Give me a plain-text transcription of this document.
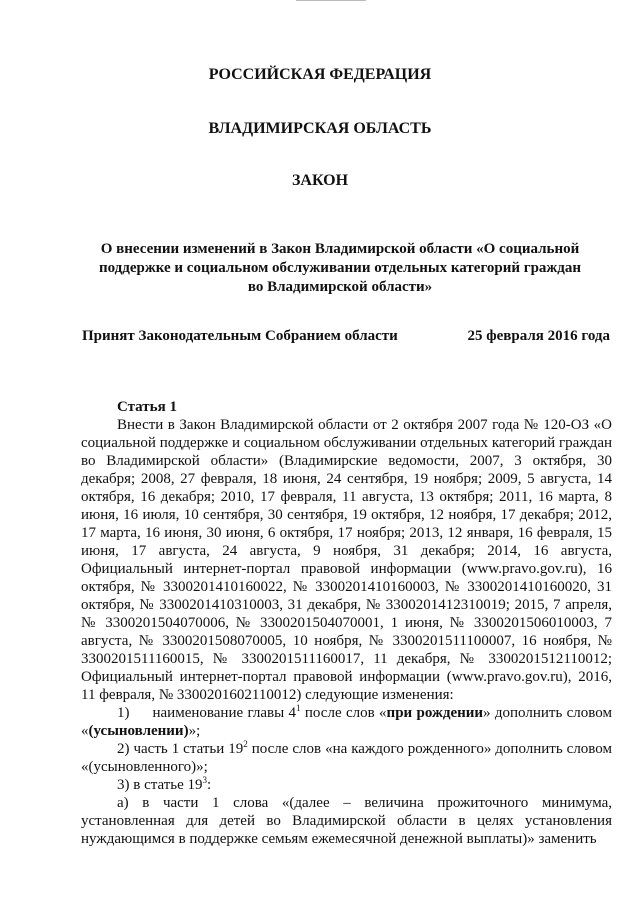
РОССИЙСКАЯ ФЕДЕРАЦИЯ
ВЛАДИМИРСКАЯ ОБЛАСТЬ
ЗАКОН
О внесении изменений в Закон Владимирской области «О социальной
поддержке и социальном обслуживании отдельных категорий граждан
во Владимирской области»
Принят Законодательным Собранием области	25 февраля 2016 года

Статья 1

Внести в Закон Владимирской области от 2 октября 2007 года № 120-ОЗ «О социальной поддержке и социальном обслуживании отдельных категорий граждан во Владимирской области» (Владимирские ведомости, 2007, 3 октября, 30 декабря; 2008, 27 февраля, 18 июня, 24 сентября, 19 ноября; 2009, 5 августа, 14 октября, 16 декабря; 2010, 17 февраля, 11 августа, 13 октября; 2011, 16 марта, 8 июня, 16 июля, 10 сентября, 30 сентября, 19 октября, 12 ноября, 17 декабря; 2012, 17 марта, 16 июня, 30 июня, 6 октября, 17 ноября; 2013, 12 января, 16 февраля, 15 июня, 17 августа, 24 августа, 9 ноября, 31 декабря; 2014, 16 августа, Официальный интернет-портал правовой информации (www.pravo.gov.ru), 16 октября, № 3300201410160022, № 3300201410160003, № 3300201410160020, 31 октября, № 3300201410310003, 31 декабря, № 3300201412310019; 2015, 7 апреля, № 3300201504070006, № 3300201504070001, 1 июня, № 3300201506010003, 7 августа, № 3300201508070005, 10 ноября, № 3300201511100007, 16 ноября, № 3300201511160015, № 3300201511160017, 11 декабря, № 3300201512110012; Официальный интернет-портал правовой информации (www.pravo.gov.ru), 2016, 11 февраля, № 3300201602110012) следующие изменения:

1) наименование главы $4^1$ после слов «при рождении» дополнить словом «(усыновлении)»;

2) часть 1 статьи $19^2$ после слов «на каждого рожденного» дополнить словом «(усыновленного)»;

3) в статье $19^3$:

а) в части 1 слова «(далее – величина прожиточного минимума, установленная для детей во Владимирской области в целях установления нуждающимся в поддержке семьям ежемесячной денежной выплаты)» заменить
